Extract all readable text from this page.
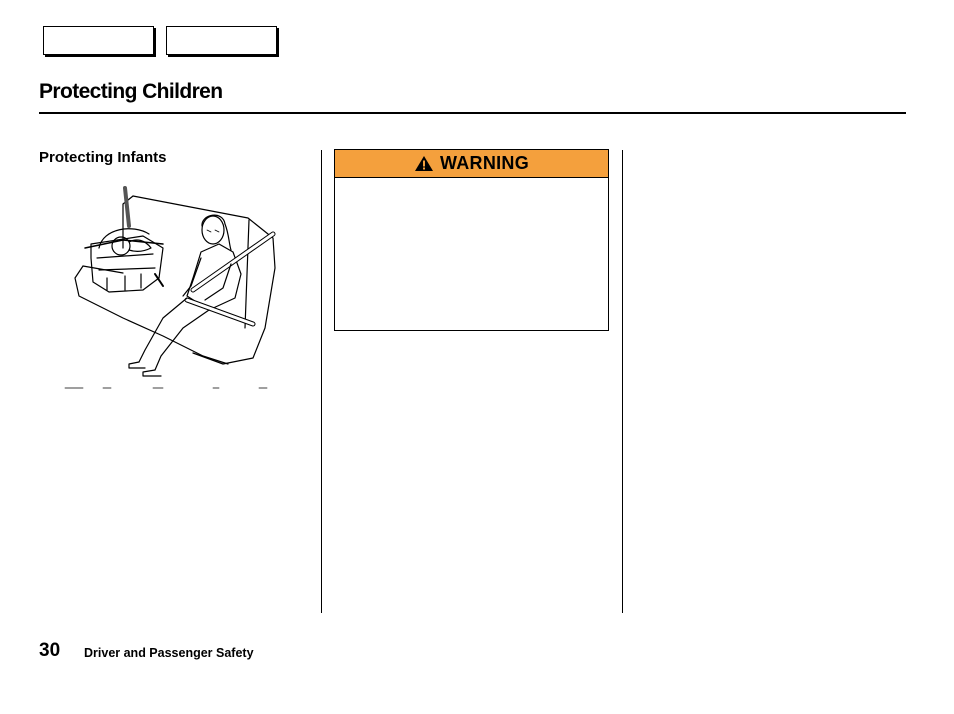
Protecting Children
Protecting Infants	WARNING
30 Driver and Passenger Safety
